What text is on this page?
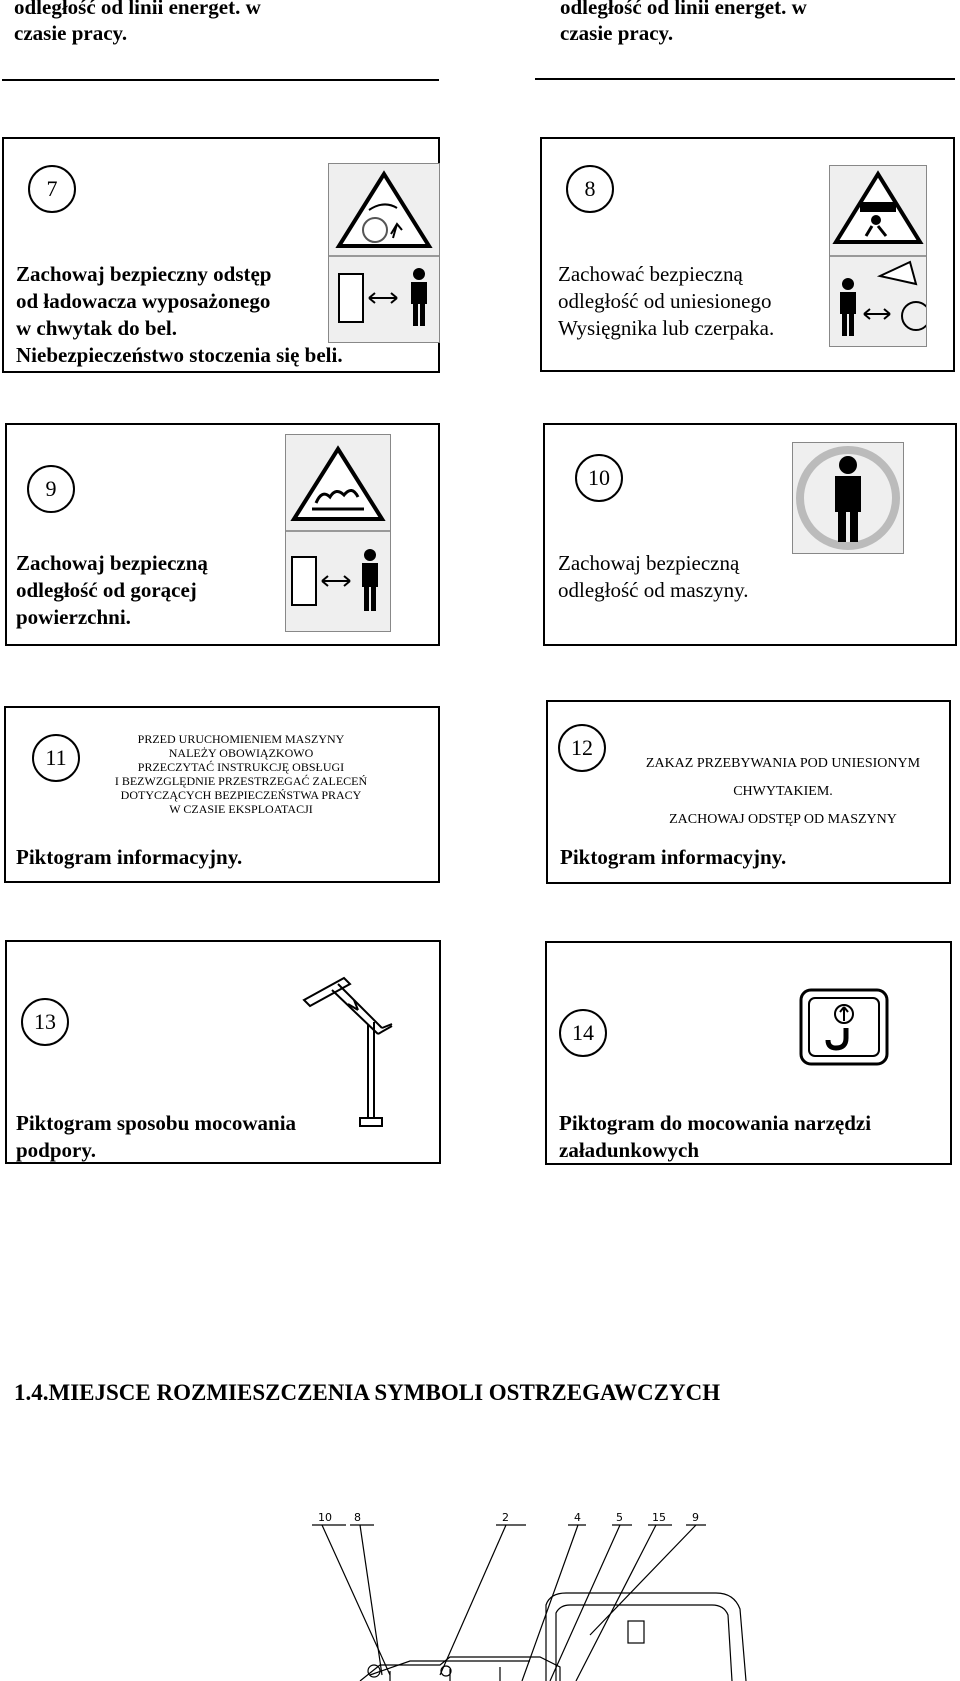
odległość od linii energet. w
czasie pracy.
odległość od linii energet. w
czasie pracy.
7
Zachowaj bezpieczny odstęp
od ładowacza wyposażonego
w chwytak do bel.
Niebezpieczeństwo stoczenia się beli.
8
Zachować bezpieczną
odległość od uniesionego
Wysięgnika lub czerpaka.
9
Zachowaj bezpieczną
odległość od gorącej
powierzchni.
10
Zachowaj bezpieczną
odległość od maszyny.
11
PRZED URUCHOMIENIEM MASZYNY
NALEŻY OBOWIĄZKOWO
PRZECZYTAĆ INSTRUKCJĘ OBSŁUGI
I BEZWZGLĘDNIE PRZESTRZEGAĆ ZALECEŃ
DOTYCZĄCYCH BEZPIECZEŃSTWA PRACY
W CZASIE EKSPLOATACJI
Piktogram informacyjny.
12
ZAKAZ PRZEBYWANIA POD UNIESIONYM
CHWYTAKIEM.
ZACHOWAJ ODSTĘP OD MASZYNY
Piktogram informacyjny.
13
Piktogram sposobu mocowania
podpory.
14
Piktogram do mocowania narzędzi
załadunkowych
1.4.MIEJSCE ROZMIESZCZENIA SYMBOLI OSTRZEGAWCZYCH
10 8	2	4	5	15 9
